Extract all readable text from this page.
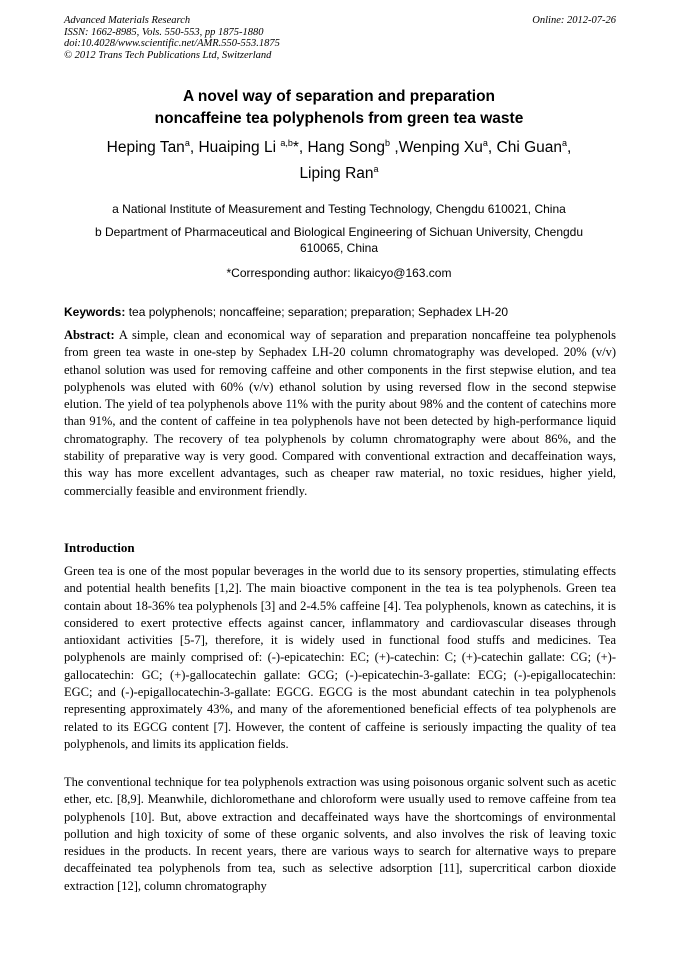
Advanced Materials Research
ISSN: 1662-8985, Vols. 550-553, pp 1875-1880
doi:10.4028/www.scientific.net/AMR.550-553.1875
© 2012 Trans Tech Publications Ltd, Switzerland
Online: 2012-07-26
A novel way of separation and preparation
noncaffeine tea polyphenols from green tea waste
Heping Tan$^a$, Huaiping Li $^{a,b}$*, Hang Song$^b$ ,Wenping Xu$^a$, Chi Guan$^a$,
Liping Ran$^a$
a National Institute of Measurement and Testing Technology, Chengdu 610021, China
b Department of Pharmaceutical and Biological Engineering of Sichuan University, Chengdu 610065, China
*Corresponding author: likaicyo@163.com
Keywords: tea polyphenols; noncaffeine; separation; preparation; Sephadex LH-20
Abstract: A simple, clean and economical way of separation and preparation noncaffeine tea polyphenols from green tea waste in one-step by Sephadex LH-20 column chromatography was developed. 20% (v/v) ethanol solution was used for removing caffeine and other components in the first stepwise elution, and tea polyphenols was eluted with 60% (v/v) ethanol solution by using reversed flow in the second stepwise elution. The yield of tea polyphenols above 11% with the purity about 98% and the content of catechins more than 91%, and the content of caffeine in tea polyphenols have not been detected by high-performance liquid chromatography. The recovery of tea polyphenols by column chromatography were about 86%, and the stability of preparative way is very good. Compared with conventional extraction and decaffeination ways, this way has more excellent advantages, such as cheaper raw material, no toxic residues, higher yield, commercially feasible and environment friendly.
Introduction
Green tea is one of the most popular beverages in the world due to its sensory properties, stimulating effects and potential health benefits [1,2]. The main bioactive component in the tea is tea polyphenols. Green tea contain about 18-36% tea polyphenols [3] and 2-4.5% caffeine [4]. Tea polyphenols, known as catechins, it is considered to exert protective effects against cancer, inflammatory and cardiovascular diseases through antioxidant activities [5-7], therefore, it is widely used in functional food stuffs and medicines. Tea polyphenols are mainly comprised of: (-)-epicatechin: EC; (+)-catechin: C; (+)-catechin gallate: CG; (+)-gallocatechin: GC; (+)-gallocatechin gallate: GCG; (-)-epicatechin-3-gallate: ECG; (-)-epigallocatechin: EGC; and (-)-epigallocatechin-3-gallate: EGCG. EGCG is the most abundant catechin in tea polyphenols representing approximately 43%, and many of the aforementioned beneficial effects of tea polyphenols are related to its EGCG content [7]. However, the content of caffeine is seriously impacting the quality of tea polyphenols, and limits its application fields.
The conventional technique for tea polyphenols extraction was using poisonous organic solvent such as acetic ether, etc. [8,9]. Meanwhile, dichloromethane and chloroform were usually used to remove caffeine from tea polyphenols [10]. But, above extraction and decaffeinated ways have the shortcomings of environmental pollution and high toxicity of some of these organic solvents, and also involves the risk of leaving toxic residues in the products. In recent years, there are various ways to search for alternative ways to prepare decaffeinated tea polyphenols from tea, such as selective adsorption [11], supercritical carbon dioxide extraction [12], column chromatography
